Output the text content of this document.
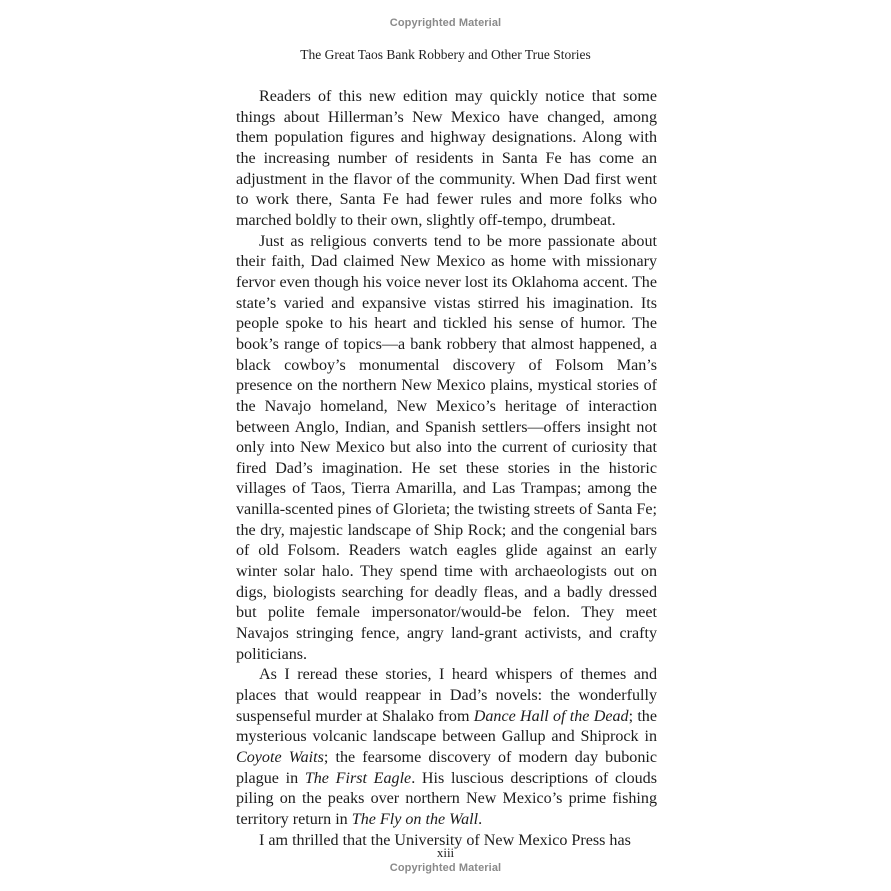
Copyrighted Material
The Great Taos Bank Robbery and Other True Stories

Readers of this new edition may quickly notice that some things about Hillerman’s New Mexico have changed, among them population figures and highway designations. Along with the increasing number of residents in Santa Fe has come an adjustment in the flavor of the community. When Dad first went to work there, Santa Fe had fewer rules and more folks who marched boldly to their own, slightly off-tempo, drumbeat.

Just as religious converts tend to be more passionate about their faith, Dad claimed New Mexico as home with missionary fervor even though his voice never lost its Oklahoma accent. The state’s varied and expansive vistas stirred his imagination. Its people spoke to his heart and tickled his sense of humor. The book’s range of topics—a bank robbery that almost happened, a black cowboy’s monumental discovery of Folsom Man’s presence on the northern New Mexico plains, mystical stories of the Navajo homeland, New Mexico’s heritage of interaction between Anglo, Indian, and Spanish settlers—offers insight not only into New Mexico but also into the current of curiosity that fired Dad’s imagination. He set these stories in the historic villages of Taos, Tierra Amarilla, and Las Trampas; among the vanilla-scented pines of Glorieta; the twisting streets of Santa Fe; the dry, majestic landscape of Ship Rock; and the congenial bars of old Folsom. Readers watch eagles glide against an early winter solar halo. They spend time with archaeologists out on digs, biologists searching for deadly fleas, and a badly dressed but polite female impersonator/would-be felon. They meet Navajos stringing fence, angry land-grant activists, and crafty politicians.

As I reread these stories, I heard whispers of themes and places that would reappear in Dad’s novels: the wonderfully suspenseful murder at Shalako from Dance Hall of the Dead; the mysterious volcanic landscape between Gallup and Shiprock in Coyote Waits; the fearsome discovery of modern day bubonic plague in The First Eagle. His luscious descriptions of clouds piling on the peaks over northern New Mexico’s prime fishing territory return in The Fly on the Wall.

I am thrilled that the University of New Mexico Press has

xiii
Copyrighted Material
